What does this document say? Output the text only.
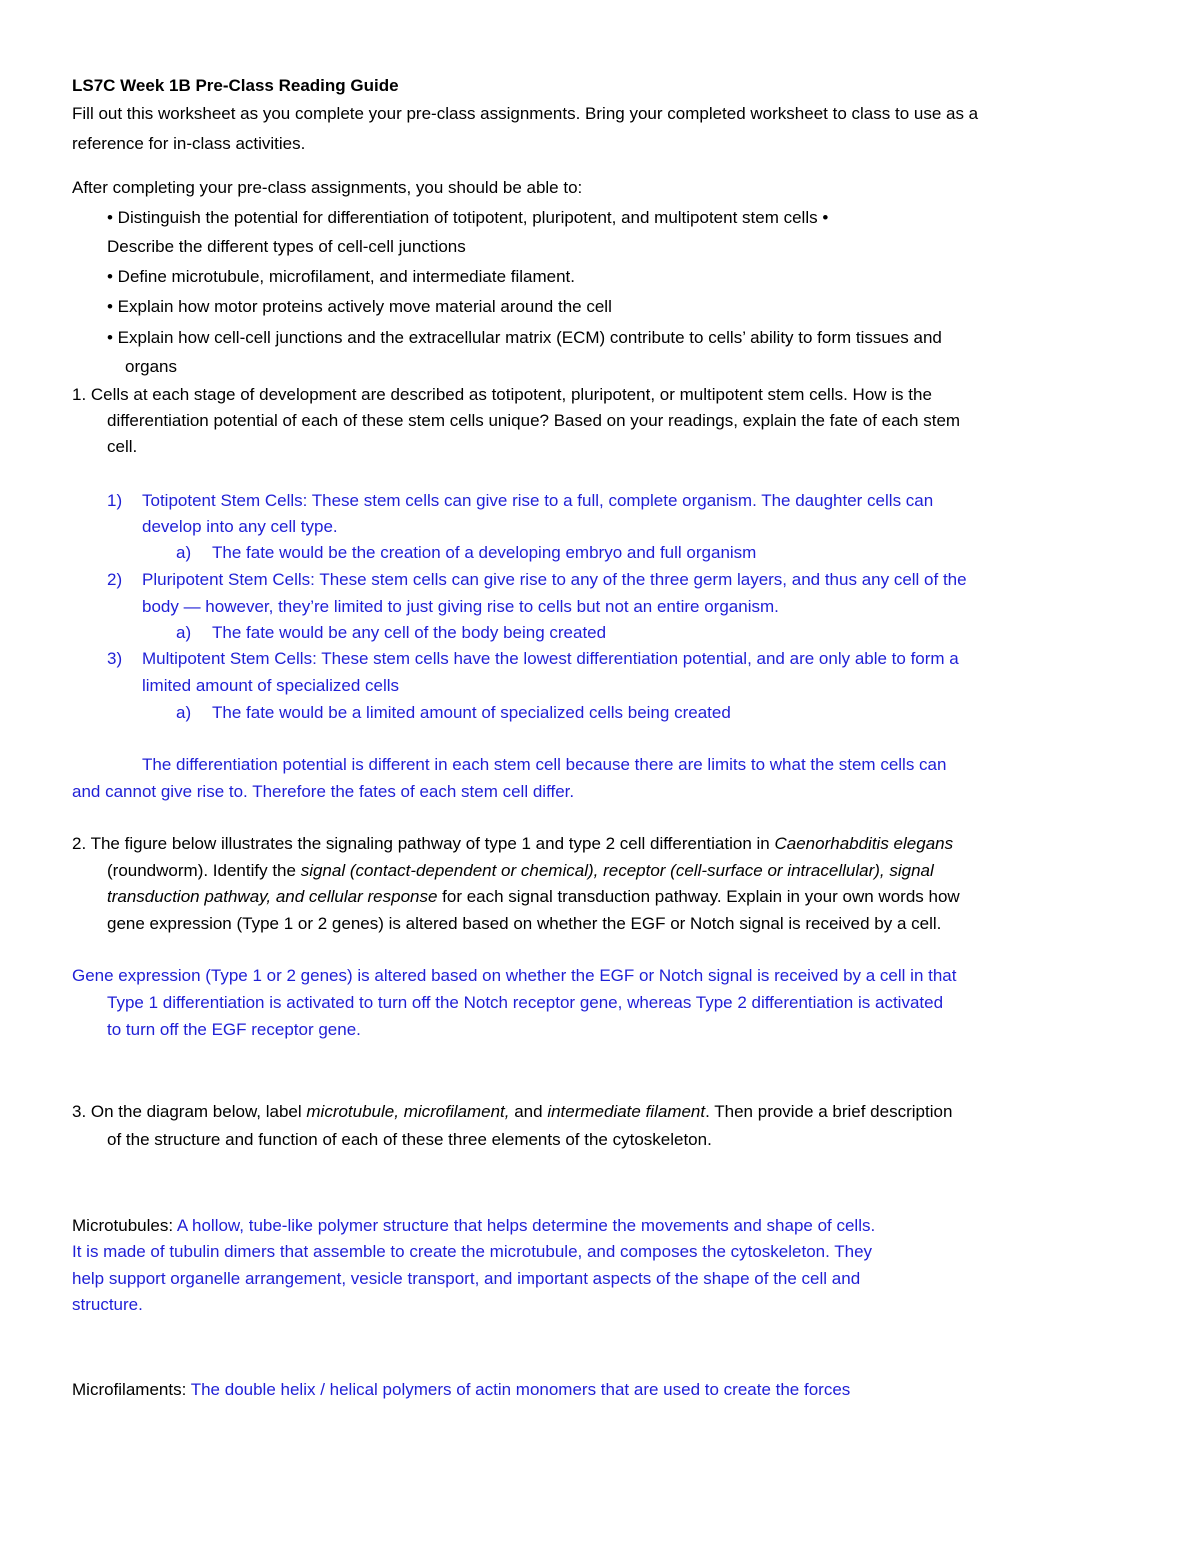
LS7C Week 1B Pre-Class Reading Guide
Fill out this worksheet as you complete your pre-class assignments. Bring your completed worksheet to class to use as a
reference for in-class activities.
After completing your pre-class assignments, you should be able to:
• Distinguish the potential for differentiation of totipotent, pluripotent, and multipotent stem cells •
Describe the different types of cell-cell junctions
• Define microtubule, microfilament, and intermediate filament.
• Explain how motor proteins actively move material around the cell
• Explain how cell-cell junctions and the extracellular matrix (ECM) contribute to cells’ ability to form tissues and
organs
1. Cells at each stage of development are described as totipotent, pluripotent, or multipotent stem cells. How is the
differentiation potential of each of these stem cells unique? Based on your readings, explain the fate of each stem
cell.
1) Totipotent Stem Cells: These stem cells can give rise to a full, complete organism. The daughter cells can
develop into any cell type.
a) The fate would be the creation of a developing embryo and full organism
2) Pluripotent Stem Cells: These stem cells can give rise to any of the three germ layers, and thus any cell of the
body — however, they’re limited to just giving rise to cells but not an entire organism.
a) The fate would be any cell of the body being created
3) Multipotent Stem Cells: These stem cells have the lowest differentiation potential, and are only able to form a
limited amount of specialized cells
a) The fate would be a limited amount of specialized cells being created
The differentiation potential is different in each stem cell because there are limits to what the stem cells can
and cannot give rise to. Therefore the fates of each stem cell differ.
2. The figure below illustrates the signaling pathway of type 1 and type 2 cell differentiation in Caenorhabditis elegans
(roundworm). Identify the signal (contact-dependent or chemical), receptor (cell-surface or intracellular), signal
transduction pathway, and cellular response for each signal transduction pathway. Explain in your own words how
gene expression (Type 1 or 2 genes) is altered based on whether the EGF or Notch signal is received by a cell.
Gene expression (Type 1 or 2 genes) is altered based on whether the EGF or Notch signal is received by a cell in that
Type 1 differentiation is activated to turn off the Notch receptor gene, whereas Type 2 differentiation is activated
to turn off the EGF receptor gene.
3. On the diagram below, label microtubule, microfilament, and intermediate filament. Then provide a brief description
of the structure and function of each of these three elements of the cytoskeleton.
Microtubules: A hollow, tube-like polymer structure that helps determine the movements and shape of cells.
It is made of tubulin dimers that assemble to create the microtubule, and composes the cytoskeleton. They
help support organelle arrangement, vesicle transport, and important aspects of the shape of the cell and
structure.
Microfilaments: The double helix / helical polymers of actin monomers that are used to create the forces
